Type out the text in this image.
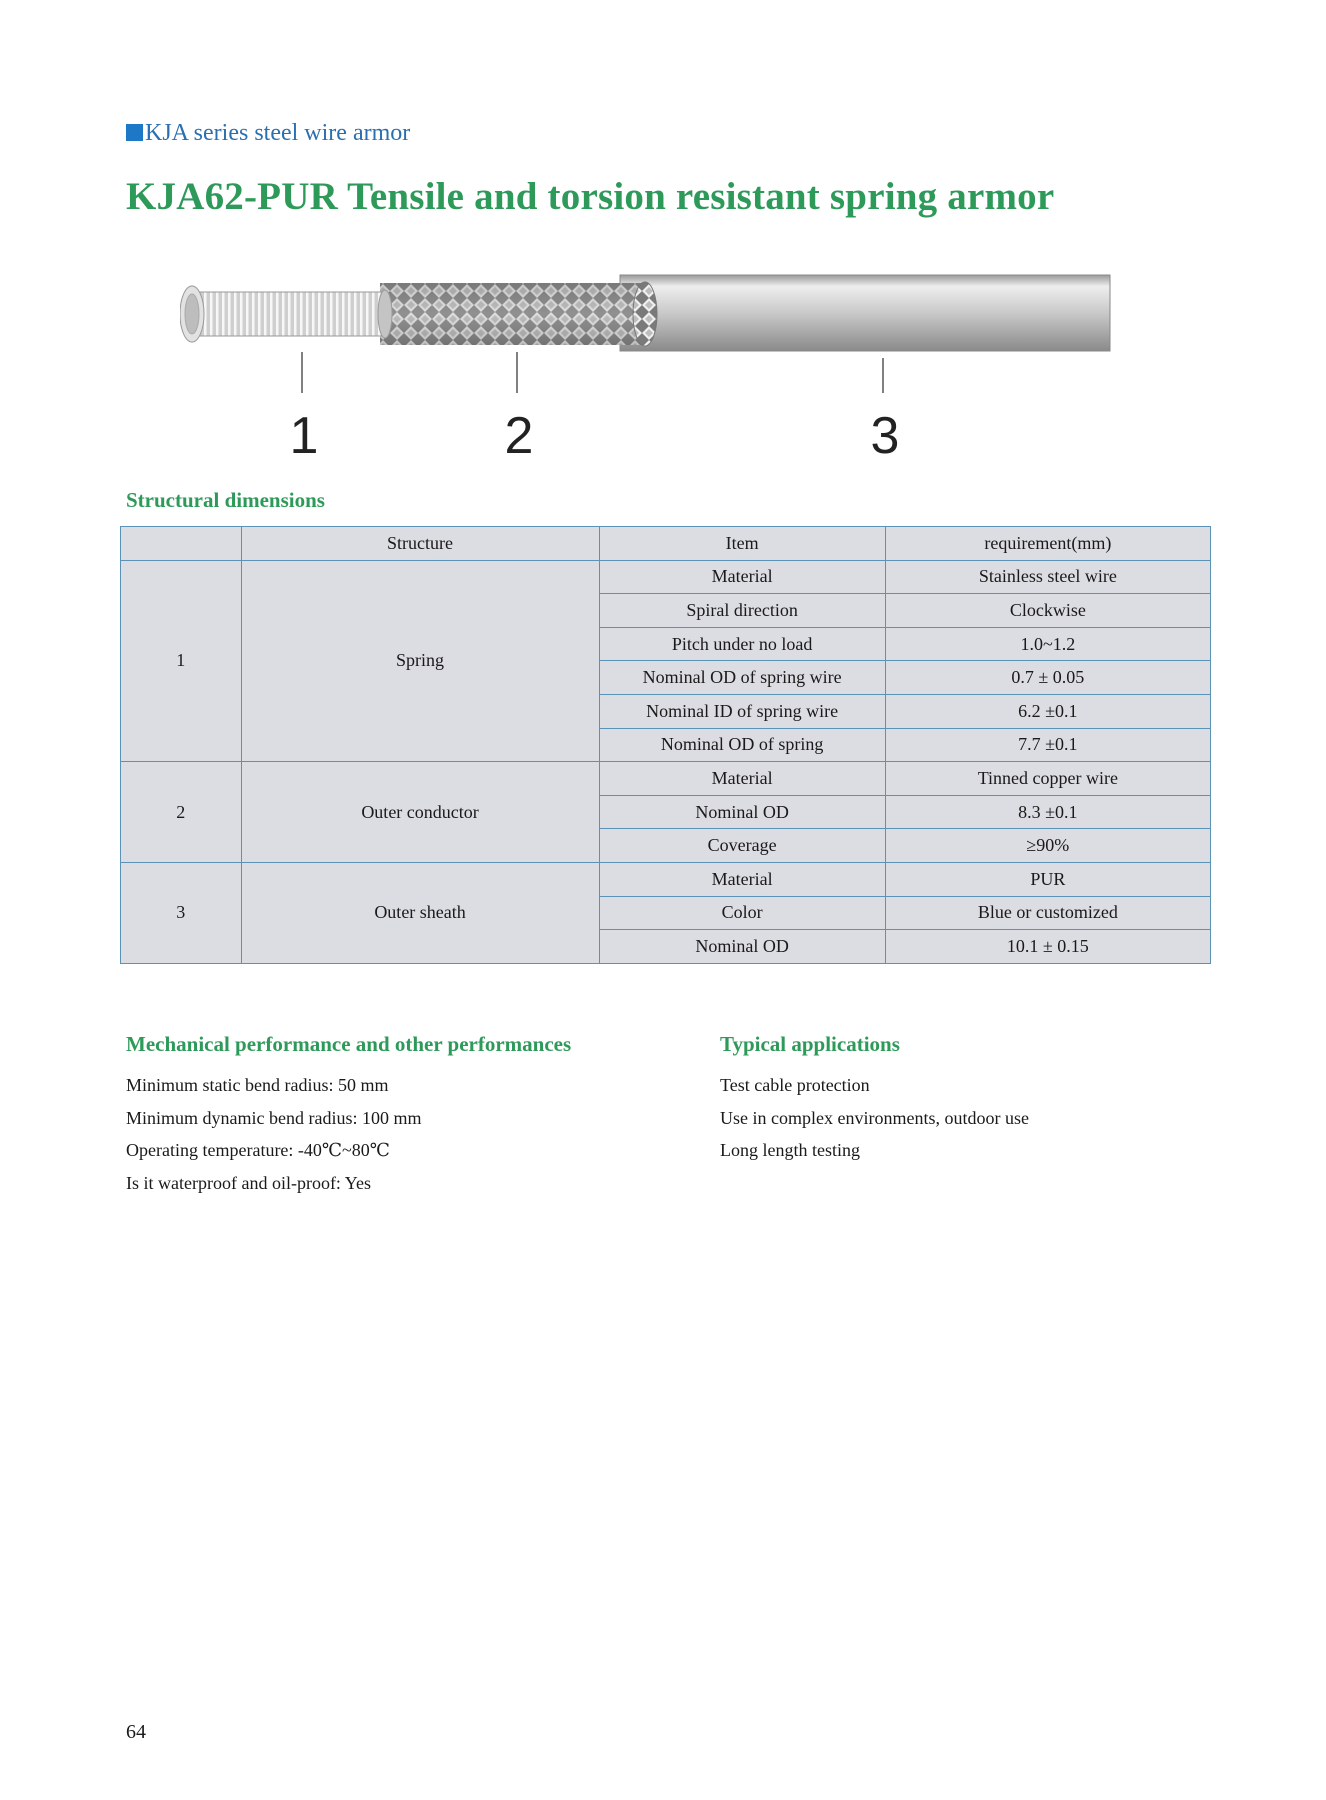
KJA series steel wire armor
KJA62-PUR Tensile and torsion resistant spring armor
1	2	3
Structural dimensions
	Structure	Item	requirement(mm)
1	Spring	Material	Stainless steel wire
		Spiral direction	Clockwise
		Pitch under no load	1.0~1.2
		Nominal OD of spring wire	0.7 ± 0.05
		Nominal ID of spring wire	6.2 ±0.1
		Nominal OD of spring	7.7 ±0.1
2	Outer conductor	Material	Tinned copper wire
		Nominal OD	8.3 ±0.1
		Coverage	≥90%
3	Outer sheath	Material	PUR
		Color	Blue or customized
		Nominal OD	10.1 ± 0.15
Mechanical performance and other performances
Minimum static bend radius: 50 mm
Minimum dynamic bend radius: 100 mm
Operating temperature: -40℃~80℃
Is it waterproof and oil-proof: Yes
Typical applications
Test cable protection
Use in complex environments, outdoor use
Long length testing
64
